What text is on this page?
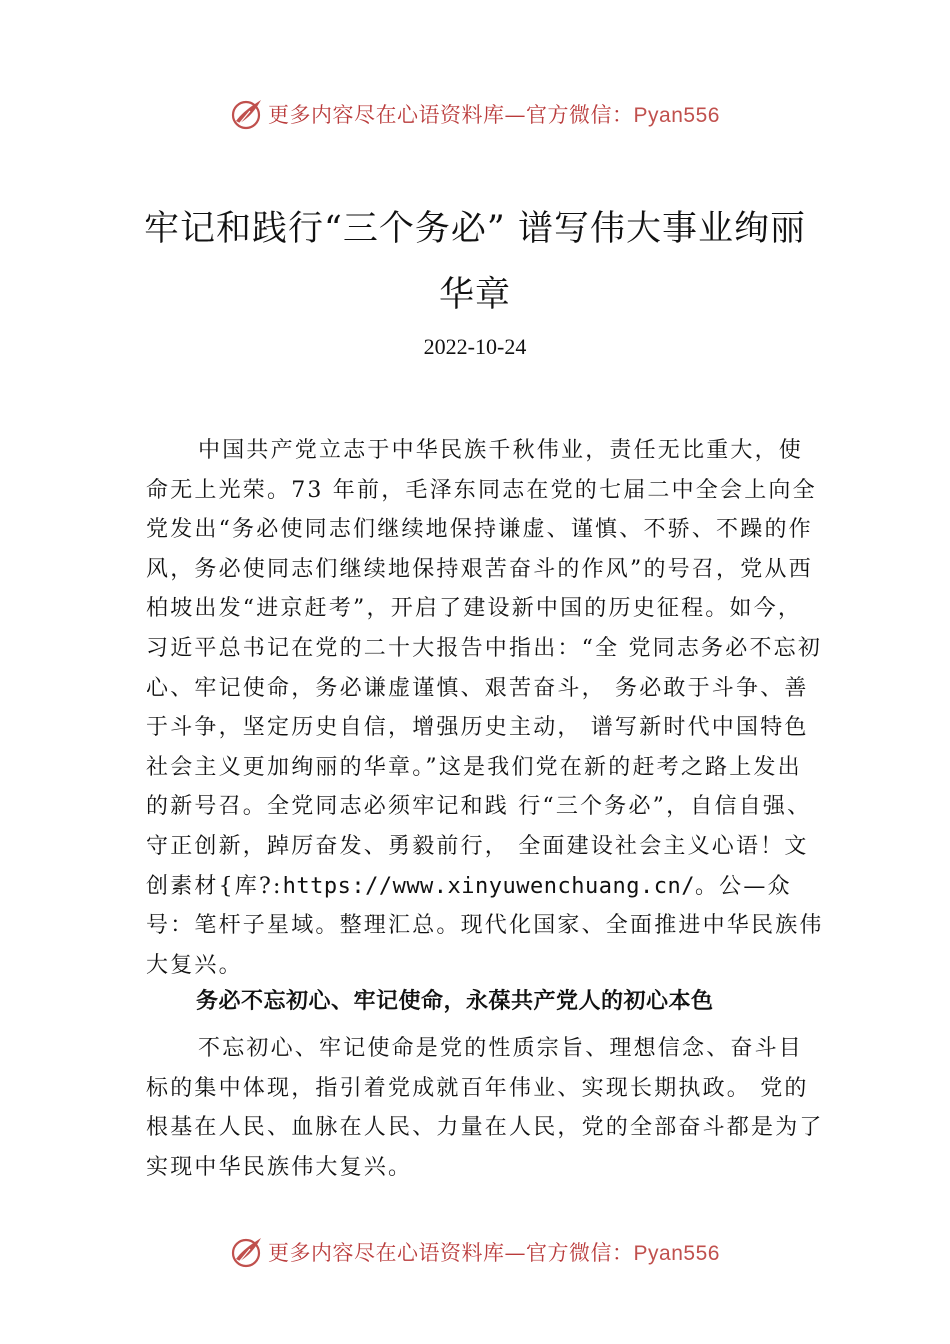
更多内容尽在心语资料库—官方微信：Pyan556
牢记和践行“三个务必” 谱写伟大事业绚丽华章
2022-10-24
中国共产党立志于中华民族千秋伟业，责任无比重大，使命无上光荣。73 年前，毛泽东同志在党的七届二中全会上向全党发出“务必使同志们继续地保持谦虚、谨慎、不骄、不躁的作风，务必使同志们继续地保持艰苦奋斗的作风”的号召，党从西柏坡出发“进京赶考”，开启了建设新中国的历史征程。如今，习近平总书记在党的二十大报告中指出：“全 党同志务必不忘初心、牢记使命，务必谦虚谨慎、艰苦奋斗， 务必敢于斗争、善于斗争，坚定历史自信，增强历史主动， 谱写新时代中国特色社会主义更加绚丽的华章。”这是我们党在新的赶考之路上发出的新号召。全党同志必须牢记和践 行“三个务必”，自信自强、守正创新，踔厉奋发、勇毅前行， 全面建设社会主义心语！文创素材{库?:https://www.xinyuwenchuang.cn/。公—众号：笔杆子星域。整理汇总。现代化国家、全面推进中华民族伟大复兴。
务必不忘初心、牢记使命，永葆共产党人的初心本色
不忘初心、牢记使命是党的性质宗旨、理想信念、奋斗目标的集中体现，指引着党成就百年伟业、实现长期执政。 党的根基在人民、血脉在人民、力量在人民，党的全部奋斗都是为了实现中华民族伟大复兴。
更多内容尽在心语资料库—官方微信：Pyan556
